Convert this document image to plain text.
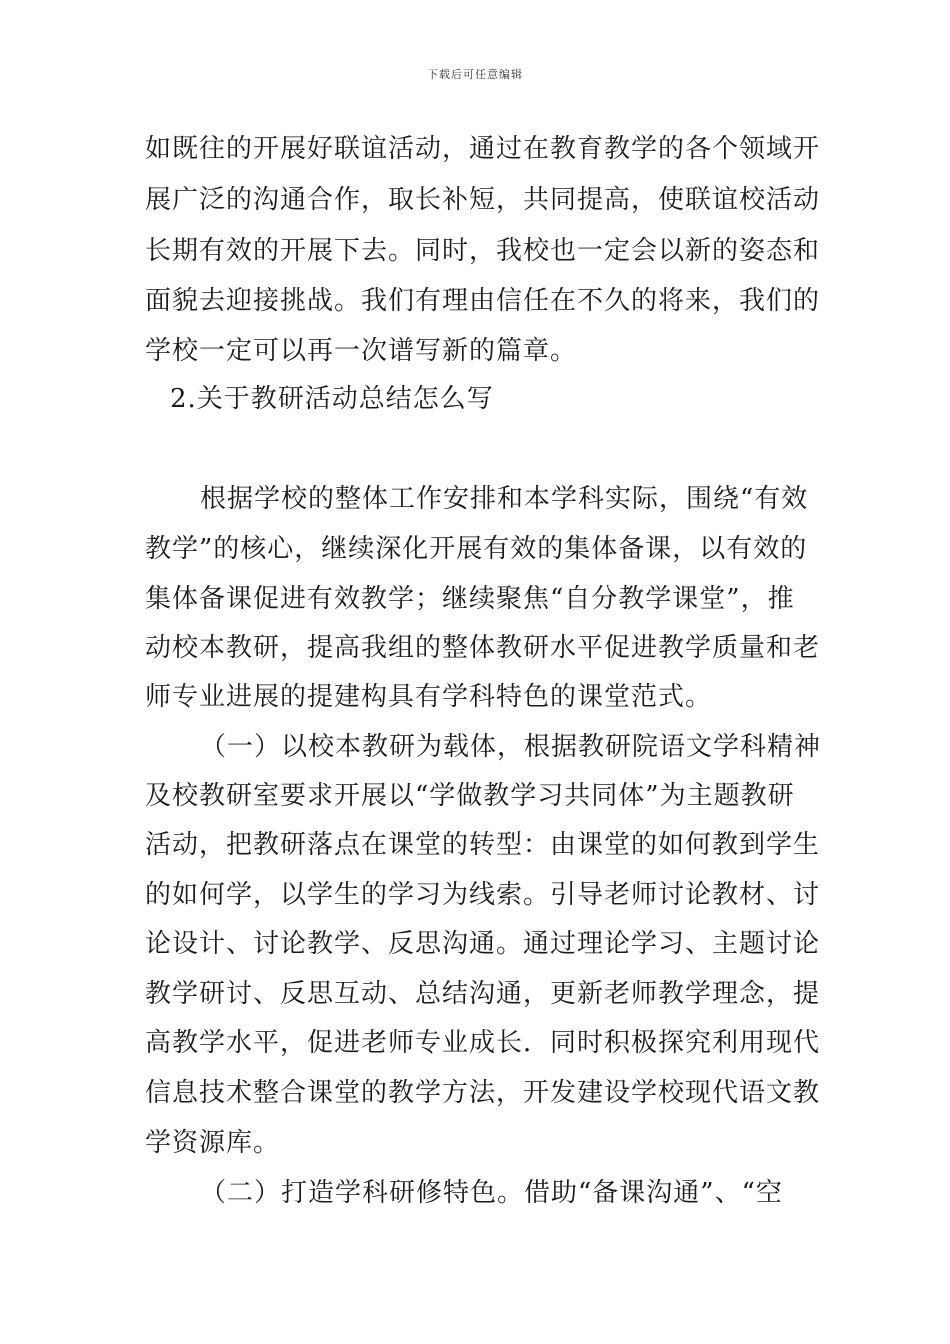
下载后可任意编辑
如既往的开展好联谊活动，通过在教育教学的各个领域开
展广泛的沟通合作，取长补短，共同提高，使联谊校活动
长期有效的开展下去。同时，我校也一定会以新的姿态和
面貌去迎接挑战。我们有理由信任在不久的将来，我们的
学校一定可以再一次谱写新的篇章。
2.关于教研活动总结怎么写
根据学校的整体工作安排和本学科实际，围绕“有效
教学”的核心，继续深化开展有效的集体备课，以有效的
集体备课促进有效教学；继续聚焦“自分教学课堂”，推
动校本教研，提高我组的整体教研水平促进教学质量和老
师专业进展的提建构具有学科特色的课堂范式。
（一）以校本教研为载体，根据教研院语文学科精神
及校教研室要求开展以“学做教学习共同体”为主题教研
活动，把教研落点在课堂的转型：由课堂的如何教到学生
的如何学，以学生的学习为线索。引导老师讨论教材、讨
论设计、讨论教学、反思沟通。通过理论学习、主题讨论
教学研讨、反思互动、总结沟通，更新老师教学理念，提
高教学水平，促进老师专业成长．同时积极探究利用现代
信息技术整合课堂的教学方法，开发建设学校现代语文教
学资源库。
（二）打造学科研修特色。借助“备课沟通”、“空
